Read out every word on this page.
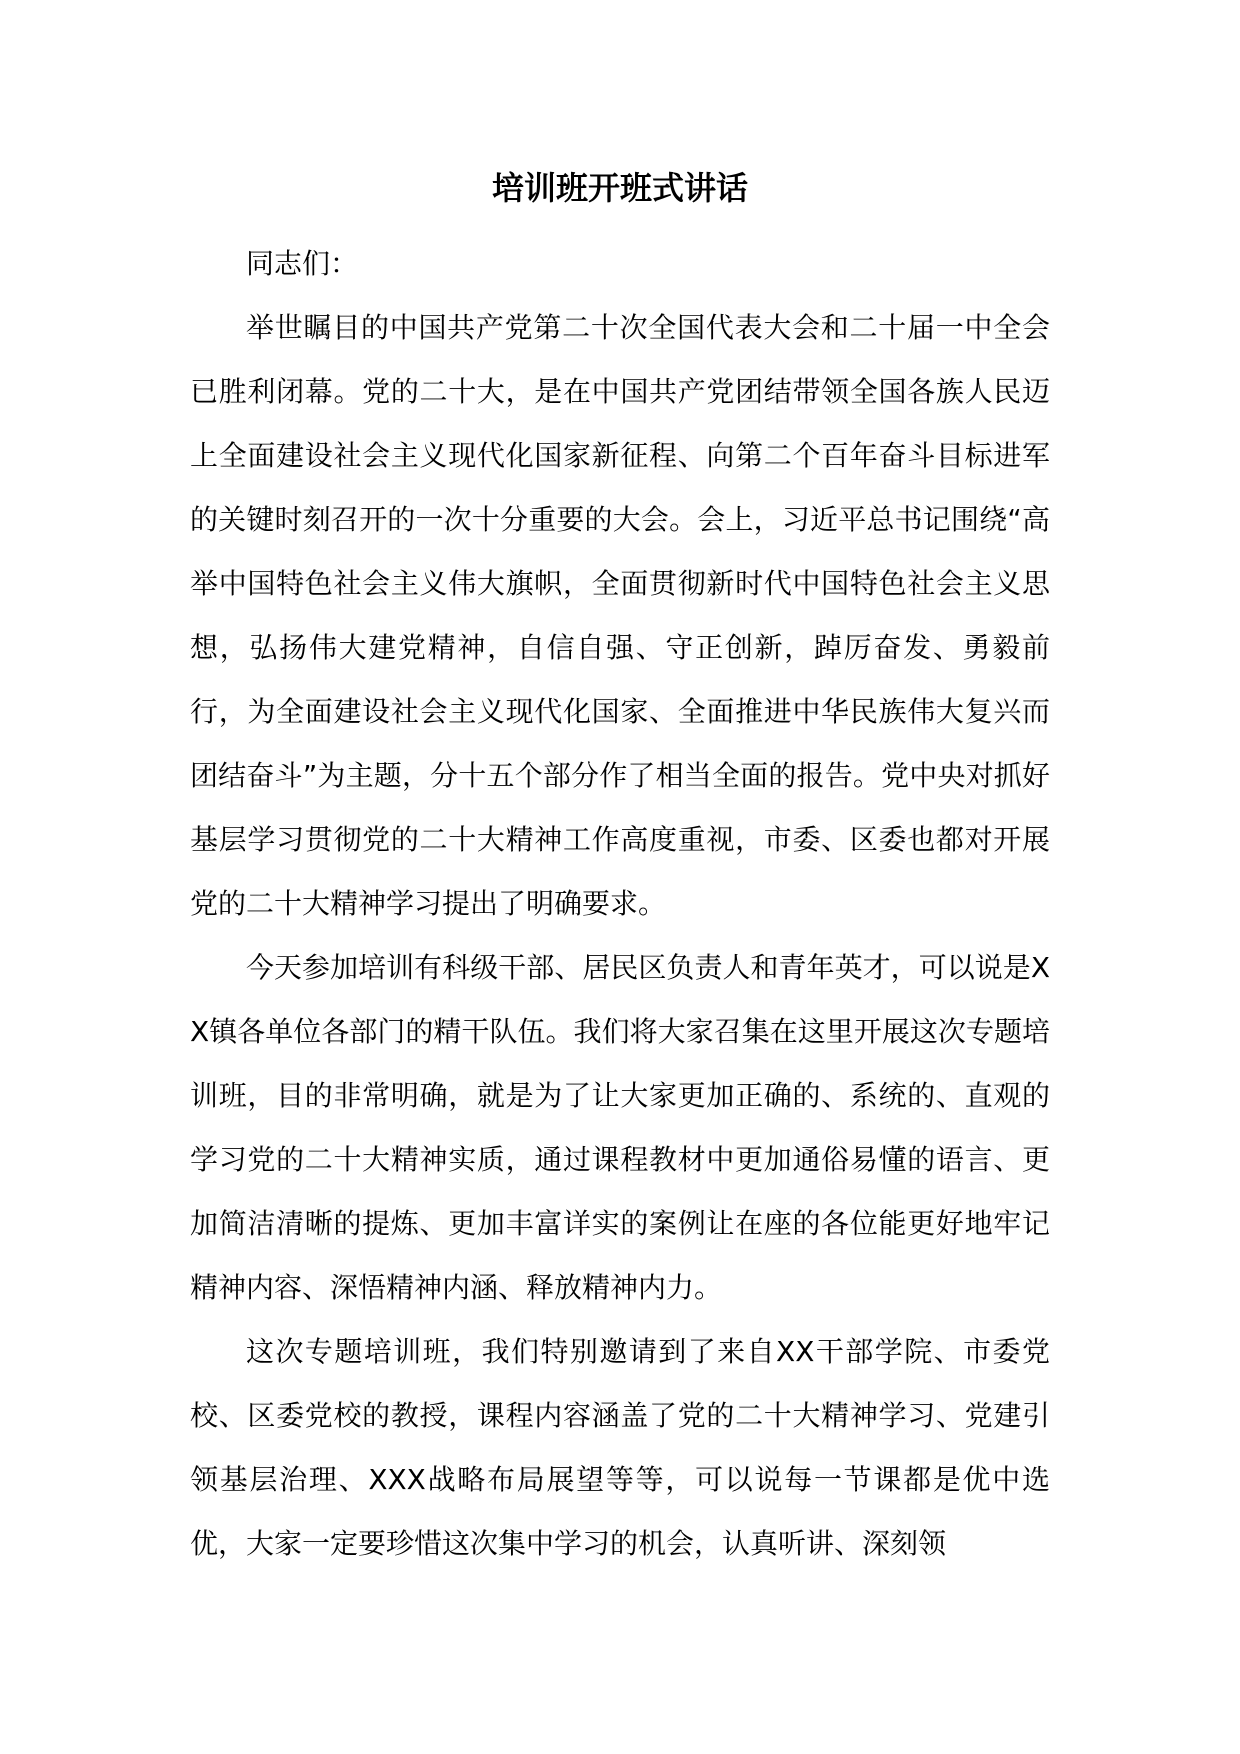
培训班开班式讲话

同志们：

举世瞩目的中国共产党第二十次全国代表大会和二十届一中全会已胜利闭幕。党的二十大，是在中国共产党团结带领全国各族人民迈上全面建设社会主义现代化国家新征程、向第二个百年奋斗目标进军的关键时刻召开的一次十分重要的大会。会上，习近平总书记围绕“高举中国特色社会主义伟大旗帜，全面贯彻新时代中国特色社会主义思想，弘扬伟大建党精神，自信自强、守正创新，踔厉奋发、勇毅前行，为全面建设社会主义现代化国家、全面推进中华民族伟大复兴而团结奋斗”为主题，分十五个部分作了相当全面的报告。党中央对抓好基层学习贯彻党的二十大精神工作高度重视，市委、区委也都对开展党的二十大精神学习提出了明确要求。

今天参加培训有科级干部、居民区负责人和青年英才，可以说是XX镇各单位各部门的精干队伍。我们将大家召集在这里开展这次专题培训班，目的非常明确，就是为了让大家更加正确的、系统的、直观的学习党的二十大精神实质，通过课程教材中更加通俗易懂的语言、更加简洁清晰的提炼、更加丰富详实的案例让在座的各位能更好地牢记精神内容、深悟精神内涵、释放精神内力。

这次专题培训班，我们特别邀请到了来自XX干部学院、市委党校、区委党校的教授，课程内容涵盖了党的二十大精神学习、党建引领基层治理、XXX战略布局展望等等，可以说每一节课都是优中选优，大家一定要珍惜这次集中学习的机会，认真听讲、深刻领
